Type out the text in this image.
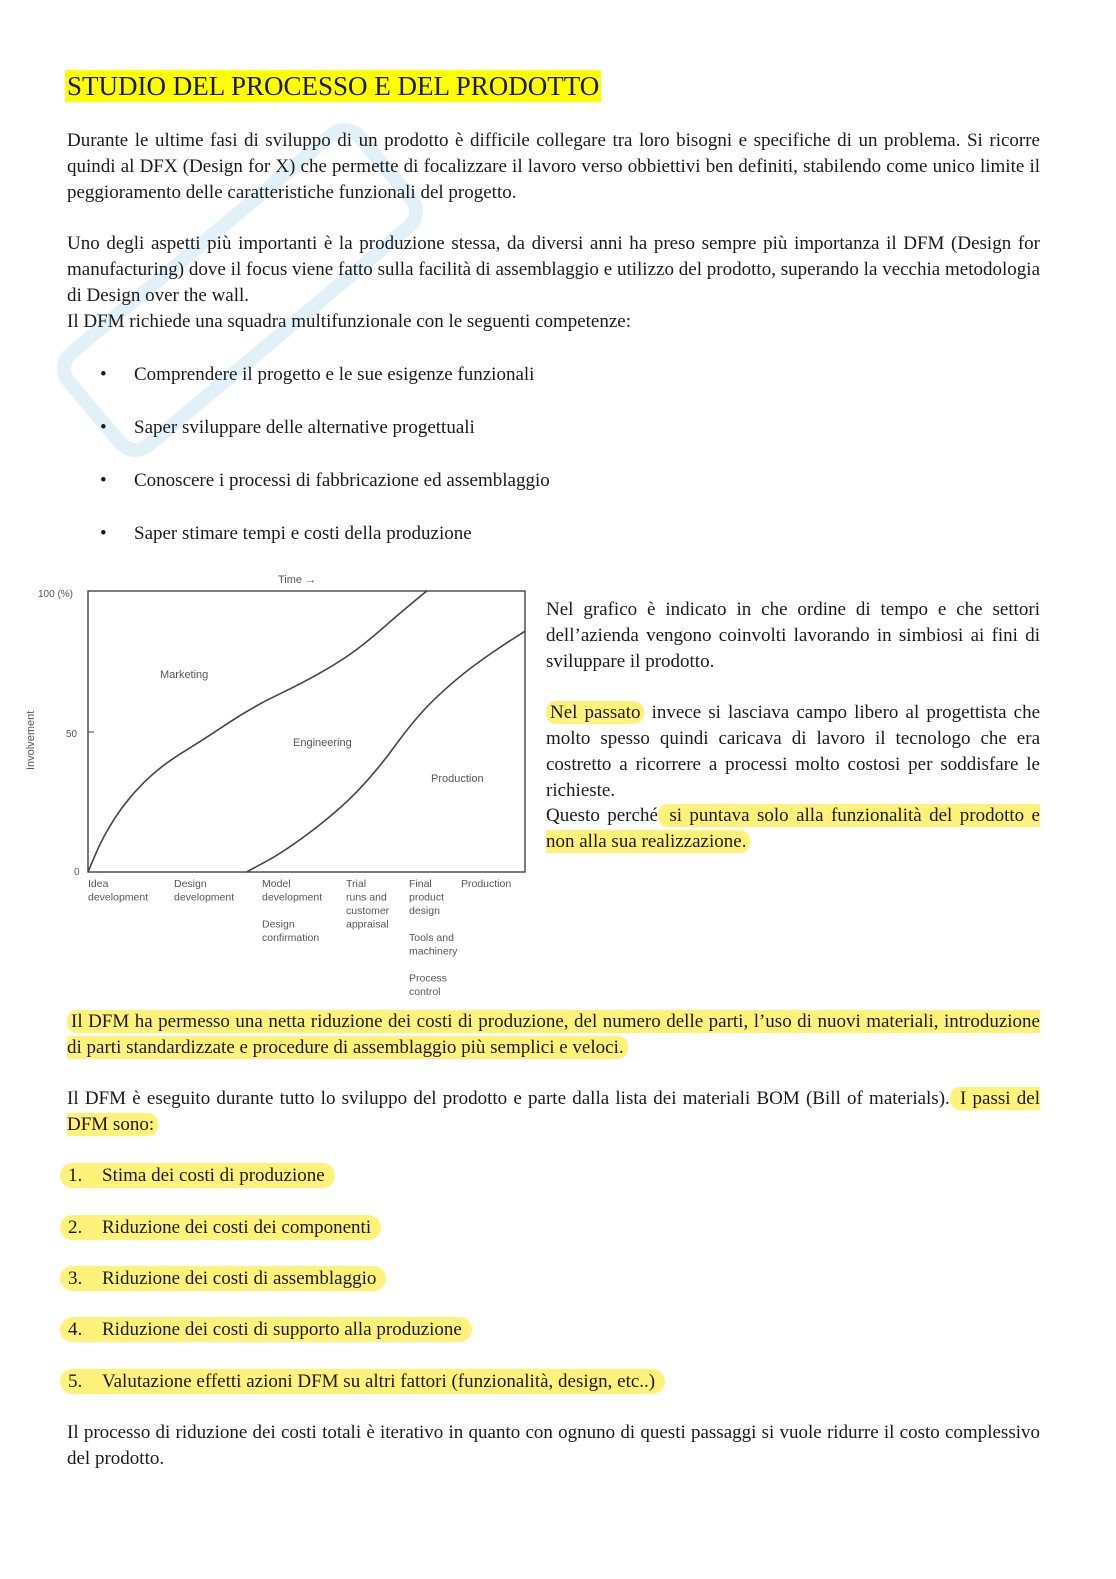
STUDIO DEL PROCESSO E DEL PRODOTTO
Durante le ultime fasi di sviluppo di un prodotto è difficile collegare tra loro bisogni e specifiche di un problema. Si ricorre quindi al DFX (Design for X) che permette di focalizzare il lavoro verso obbiettivi ben definiti, stabilendo come unico limite il peggioramento delle caratteristiche funzionali del progetto.
Uno degli aspetti più importanti è la produzione stessa, da diversi anni ha preso sempre più importanza il DFM (Design for manufacturing) dove il focus viene fatto sulla facilità di assemblaggio e utilizzo del prodotto, superando la vecchia metodologia di Design over the wall.
Il DFM richiede una squadra multifunzionale con le seguenti competenze:
• Comprendere il progetto e le sue esigenze funzionali
• Saper sviluppare delle alternative progettuali
• Conoscere i processi di fabbricazione ed assemblaggio
• Saper stimare tempi e costi della produzione
Time →
Involvement
100 (%)
50
0
Marketing
Engineering
Production
Idea development
Design development
Model development Design confirmation
Trial runs and customer appraisal
Final product design Tools and machinery Process control
Production
Nel grafico è indicato in che ordine di tempo e che settori dell’azienda vengono coinvolti lavorando in simbiosi ai fini di sviluppare il prodotto.
Nel passato invece si lasciava campo libero al progettista che molto spesso quindi caricava di lavoro il tecnologo che era costretto a ricorrere a processi molto costosi per soddisfare le richieste.
Questo perché si puntava solo alla funzionalità del prodotto e non alla sua realizzazione.
Il DFM ha permesso una netta riduzione dei costi di produzione, del numero delle parti, l’uso di nuovi materiali, introduzione di parti standardizzate e procedure di assemblaggio più semplici e veloci.
Il DFM è eseguito durante tutto lo sviluppo del prodotto e parte dalla lista dei materiali BOM (Bill of materials). I passi del DFM sono:
1. Stima dei costi di produzione
2. Riduzione dei costi dei componenti
3. Riduzione dei costi di assemblaggio
4. Riduzione dei costi di supporto alla produzione
5. Valutazione effetti azioni DFM su altri fattori (funzionalità, design, etc..)
Il processo di riduzione dei costi totali è iterativo in quanto con ognuno di questi passaggi si vuole ridurre il costo complessivo del prodotto.
